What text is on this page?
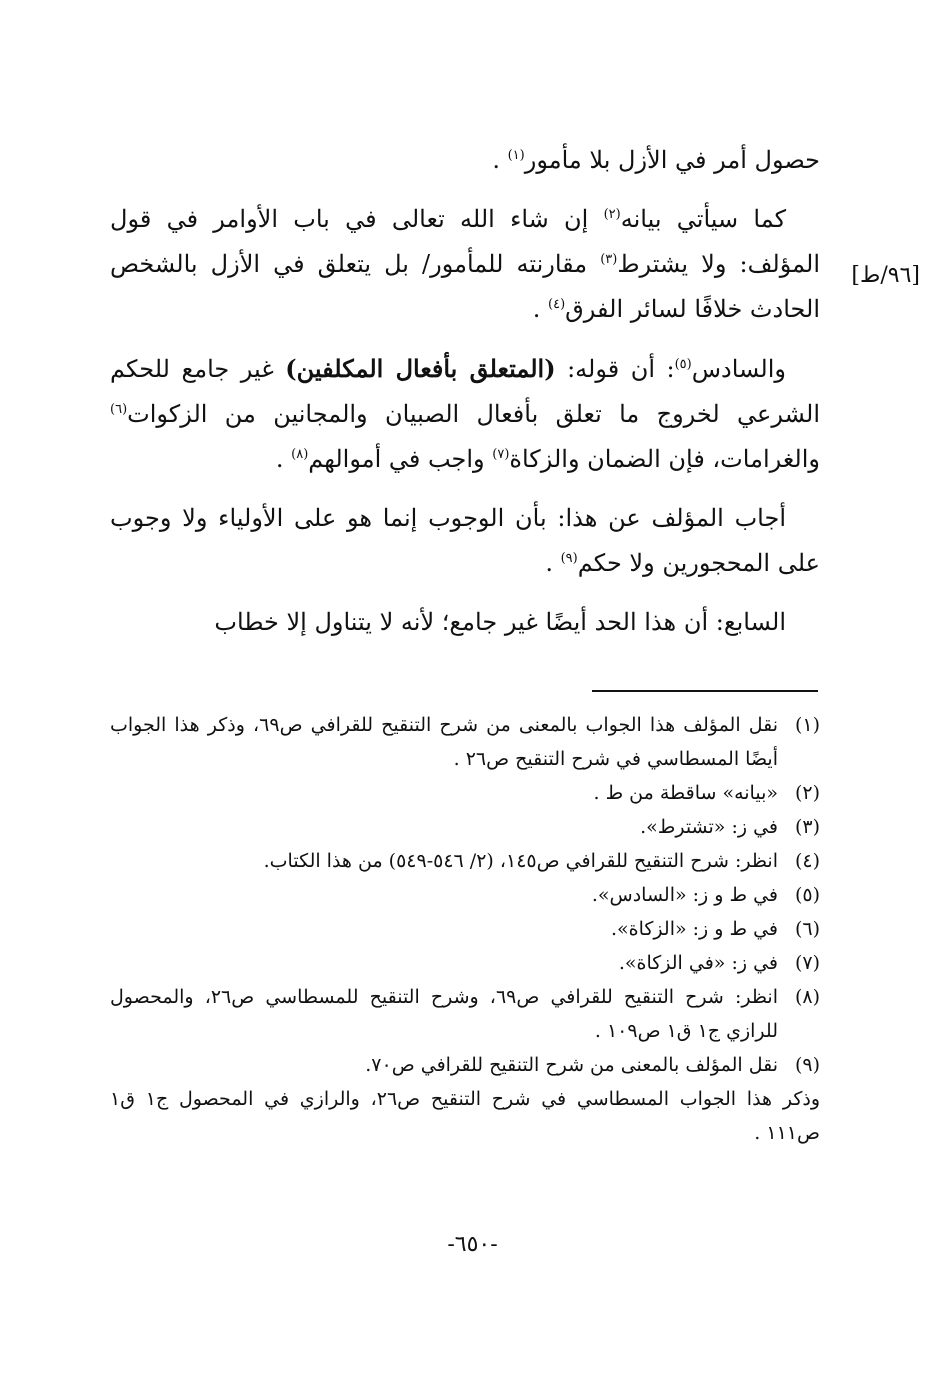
[٩٦/ط]

حصول أمر في الأزل بلا مأمور$^{(١)}$ .

كما سيأتي بيانه$^{(٢)}$ إن شاء الله تعالى في باب الأوامر في قول المؤلف: ولا يشترط$^{(٣)}$ مقارنته للمأمور/ بل يتعلق في الأزل بالشخص الحادث خلافًا لسائر الفرق$^{(٤)}$ .

والسادس$^{(٥)}$: أن قوله: (المتعلق بأفعال المكلفين) غير جامع للحكم الشرعي لخروج ما تعلق بأفعال الصبيان والمجانين من الزكوات$^{(٦)}$ والغرامات، فإن الضمان والزكاة$^{(٧)}$ واجب في أموالهم$^{(٨)}$ .

أجاب المؤلف عن هذا: بأن الوجوب إنما هو على الأولياء ولا وجوب على المحجورين ولا حكم$^{(٩)}$ .

السابع: أن هذا الحد أيضًا غير جامع؛ لأنه لا يتناول إلا خطاب

(١)
نقل المؤلف هذا الجواب بالمعنى من شرح التنقيح للقرافي ص٦٩، وذكر هذا الجواب أيضًا المسطاسي في شرح التنقيح ص٢٦ .
(٢)
«بيانه» ساقطة من ط .
(٣)
في ز: «تشترط».
(٤)
انظر: شرح التنقيح للقرافي ص١٤٥، (٢/ ٥٤٦-٥٤٩) من هذا الكتاب.
(٥)
في ط و ز: «السادس».
(٦)
في ط و ز: «الزكاة».
(٧)
في ز: «في الزكاة».
(٨)
انظر: شرح التنقيح للقرافي ص٦٩، وشرح التنقيح للمسطاسي ص٢٦، والمحصول للرازي ج١ ق١ ص١٠٩ .
(٩)
نقل المؤلف بالمعنى من شرح التنقيح للقرافي ص٧٠.

وذكر هذا الجواب المسطاسي في شرح التنقيح ص٢٦، والرازي في المحصول ج١ ق١ ص١١١ .

-٦٥٠-
